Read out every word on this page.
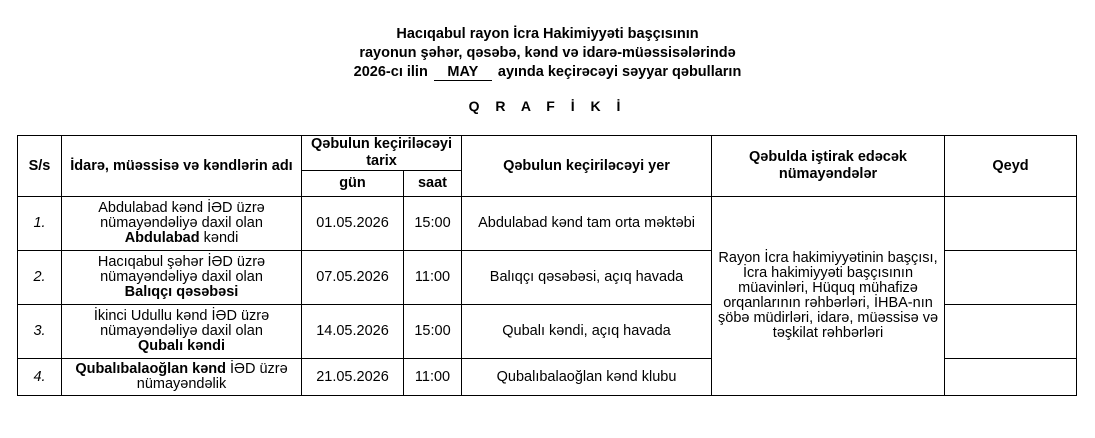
Hacıqabul rayon İcra Hakimiyyəti başçısının
rayonun şəhər, qəsəbə, kənd və idarə-müəssisələrində
2026-cı ilin MAY ayında keçirəcəyi səyyar qəbulların
Q R A F İ K İ
S/s	İdarə, müəssisə və kəndlərin adı	Qəbulun keçiriləcəyi tarix		Qəbulun keçiriləcəyi yer	Qəbulda iştirak edəcək nümayəndələr	Qeyd
		gün	saat			
1.	Abdulabad kənd İƏD üzrə nümayəndəliyə daxil olan
Abdulabad kəndi	01.05.2026	15:00	Abdulabad kənd tam orta məktəbi	Rayon İcra hakimiyyətinin başçısı, İcra hakimiyyəti başçısının müavinləri, Hüquq mühafizə orqanlarının rəhbərləri, İHBA-nın şöbə müdirləri, idarə, müəssisə və təşkilat rəhbərləri	
2.	Hacıqabul şəhər İƏD üzrə nümayəndəliyə daxil olan
Balıqçı qəsəbəsi	07.05.2026	11:00	Balıqçı qəsəbəsi, açıq havada		
3.	İkinci Udullu kənd İƏD üzrə nümayəndəliyə daxil olan
Qubalı kəndi	14.05.2026	15:00	Qubalı kəndi, açıq havada		
4.	Qubalıbalaoğlan kənd İƏD üzrə nümayəndəlik	21.05.2026	11:00	Qubalıbalaoğlan kənd klubu		
